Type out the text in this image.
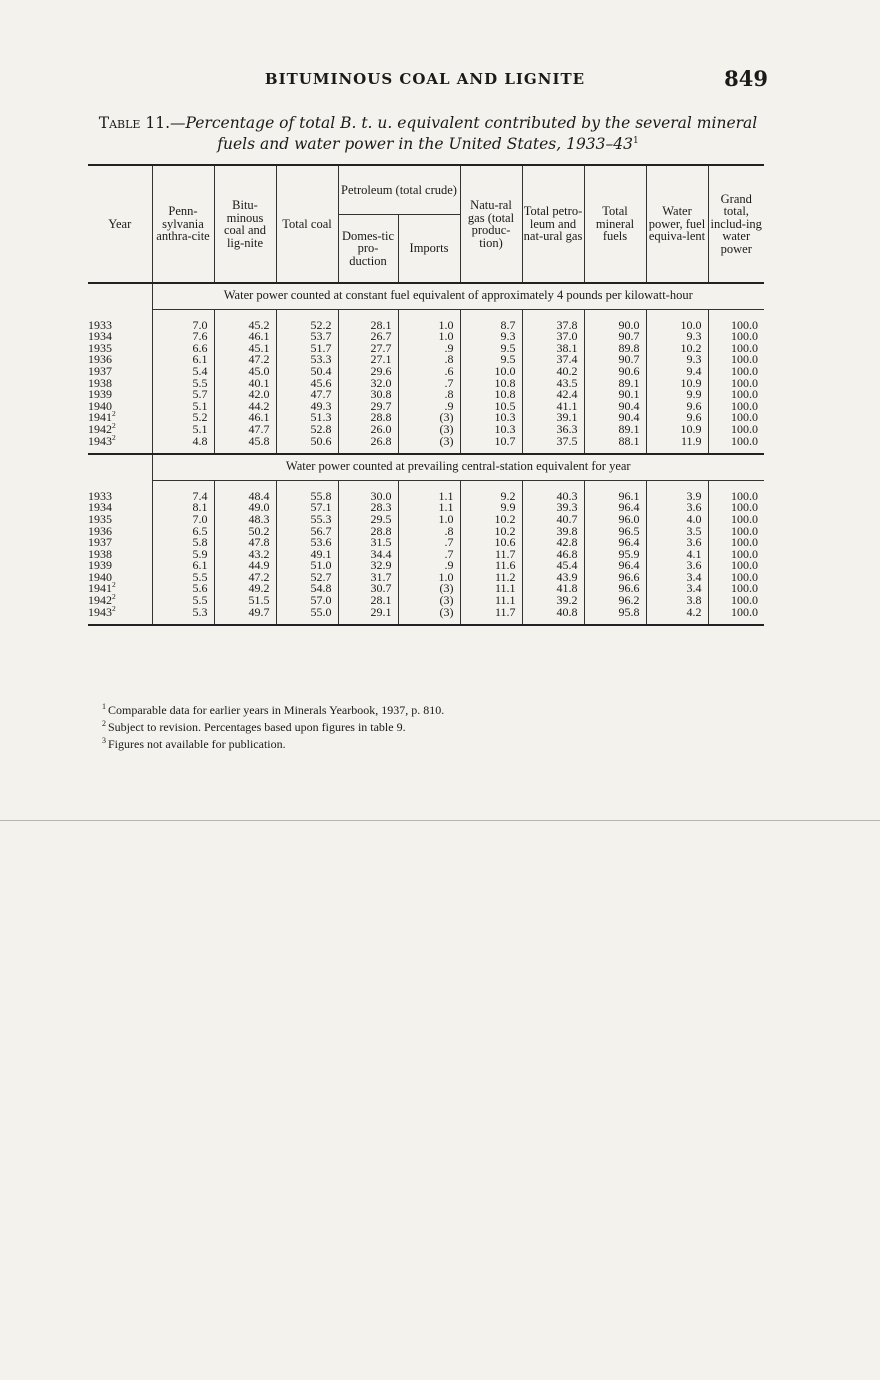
BITUMINOUS COAL AND LIGNITE	849
Table 11.—Percentage of total B. t. u. equivalent contributed by the several mineral fuels and water power in the United States, $1933-43^1$
Year	Penn-sylvania anthra-cite	Bitu-minous coal and lig-nite	Total coal	Petroleum (total crude)		Natu-ral gas (total produc-tion)	Total petro-leum and nat-ural gas	Total mineral fuels	Water power, fuel equiva-lent	Grand total, includ-ing water power
				Domes-tic pro-duction	Imports					
	Water power counted at constant fuel equivalent of approximately 4 pounds per kilowatt-hour									

1933	7.0	45.2	52.2	28.1	1.0	8.7	37.8	90.0	10.0	100.0
1934	7.6	46.1	53.7	26.7	1.0	9.3	37.0	90.7	9.3	100.0
1935	6.6	45.1	51.7	27.7	.9	9.5	38.1	89.8	10.2	100.0
1936	6.1	47.2	53.3	27.1	.8	9.5	37.4	90.7	9.3	100.0
1937	5.4	45.0	50.4	29.6	.6	10.0	40.2	90.6	9.4	100.0
1938	5.5	40.1	45.6	32.0	.7	10.8	43.5	89.1	10.9	100.0
1939	5.7	42.0	47.7	30.8	.8	10.8	42.4	90.1	9.9	100.0
1940	5.1	44.2	49.3	29.7	.9	10.5	41.1	90.4	9.6	100.0
1941$^2$	5.2	46.1	51.3	28.8	(3)	10.3	39.1	90.4	9.6	100.0
1942$^2$	5.1	47.7	52.8	26.0	(3)	10.3	36.3	89.1	10.9	100.0
1943$^2$	4.8	45.8	50.6	26.8	(3)	10.7	37.5	88.1	11.9	100.0

	Water power counted at prevailing central-station equivalent for year									

1933	7.4	48.4	55.8	30.0	1.1	9.2	40.3	96.1	3.9	100.0
1934	8.1	49.0	57.1	28.3	1.1	9.9	39.3	96.4	3.6	100.0
1935	7.0	48.3	55.3	29.5	1.0	10.2	40.7	96.0	4.0	100.0
1936	6.5	50.2	56.7	28.8	.8	10.2	39.8	96.5	3.5	100.0
1937	5.8	47.8	53.6	31.5	.7	10.6	42.8	96.4	3.6	100.0
1938	5.9	43.2	49.1	34.4	.7	11.7	46.8	95.9	4.1	100.0
1939	6.1	44.9	51.0	32.9	.9	11.6	45.4	96.4	3.6	100.0
1940	5.5	47.2	52.7	31.7	1.0	11.2	43.9	96.6	3.4	100.0
1941$^2$	5.6	49.2	54.8	30.7	(3)	11.1	41.8	96.6	3.4	100.0
1942$^2$	5.5	51.5	57.0	28.1	(3)	11.1	39.2	96.2	3.8	100.0
1943$^2$	5.3	49.7	55.0	29.1	(3)	11.7	40.8	95.8	4.2	100.0

$^1$ Comparable data for earlier years in Minerals Yearbook, 1937, p. 810.
$^2$ Subject to revision. Percentages based upon figures in table 9.
$^3$ Figures not available for publication.
